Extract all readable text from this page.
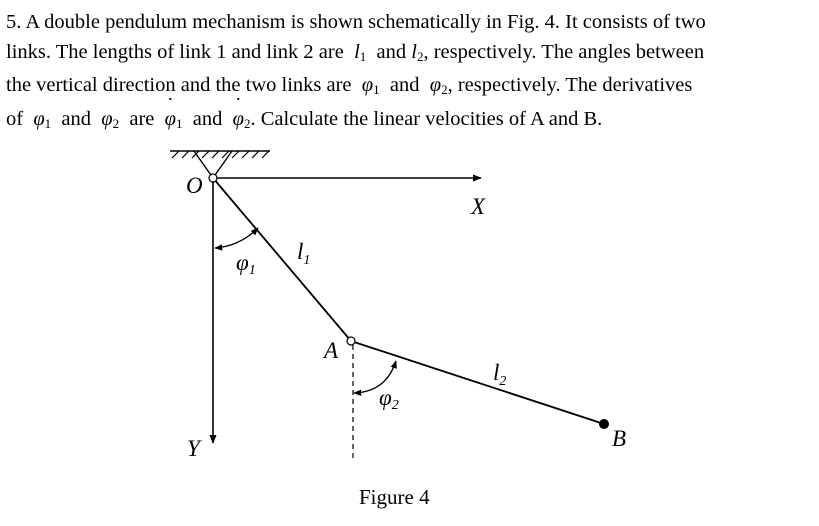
5. A double pendulum mechanism is shown schematically in Fig. 4. It consists of two
links. The lengths of link 1 and link 2 are $l_1$ and $l_2$, respectively. The angles between
the vertical direction and the two links are $\varphi_1$ and $\varphi_2$, respectively. The derivatives
of $\varphi_1$ and $\varphi_2$ are φ $˙_1$ and φ $˙_2$. Calculate the linear velocities of A and B.
O
X
Y
A
B
$l_1$
$l_2$
φ1
φ2
Figure 4
